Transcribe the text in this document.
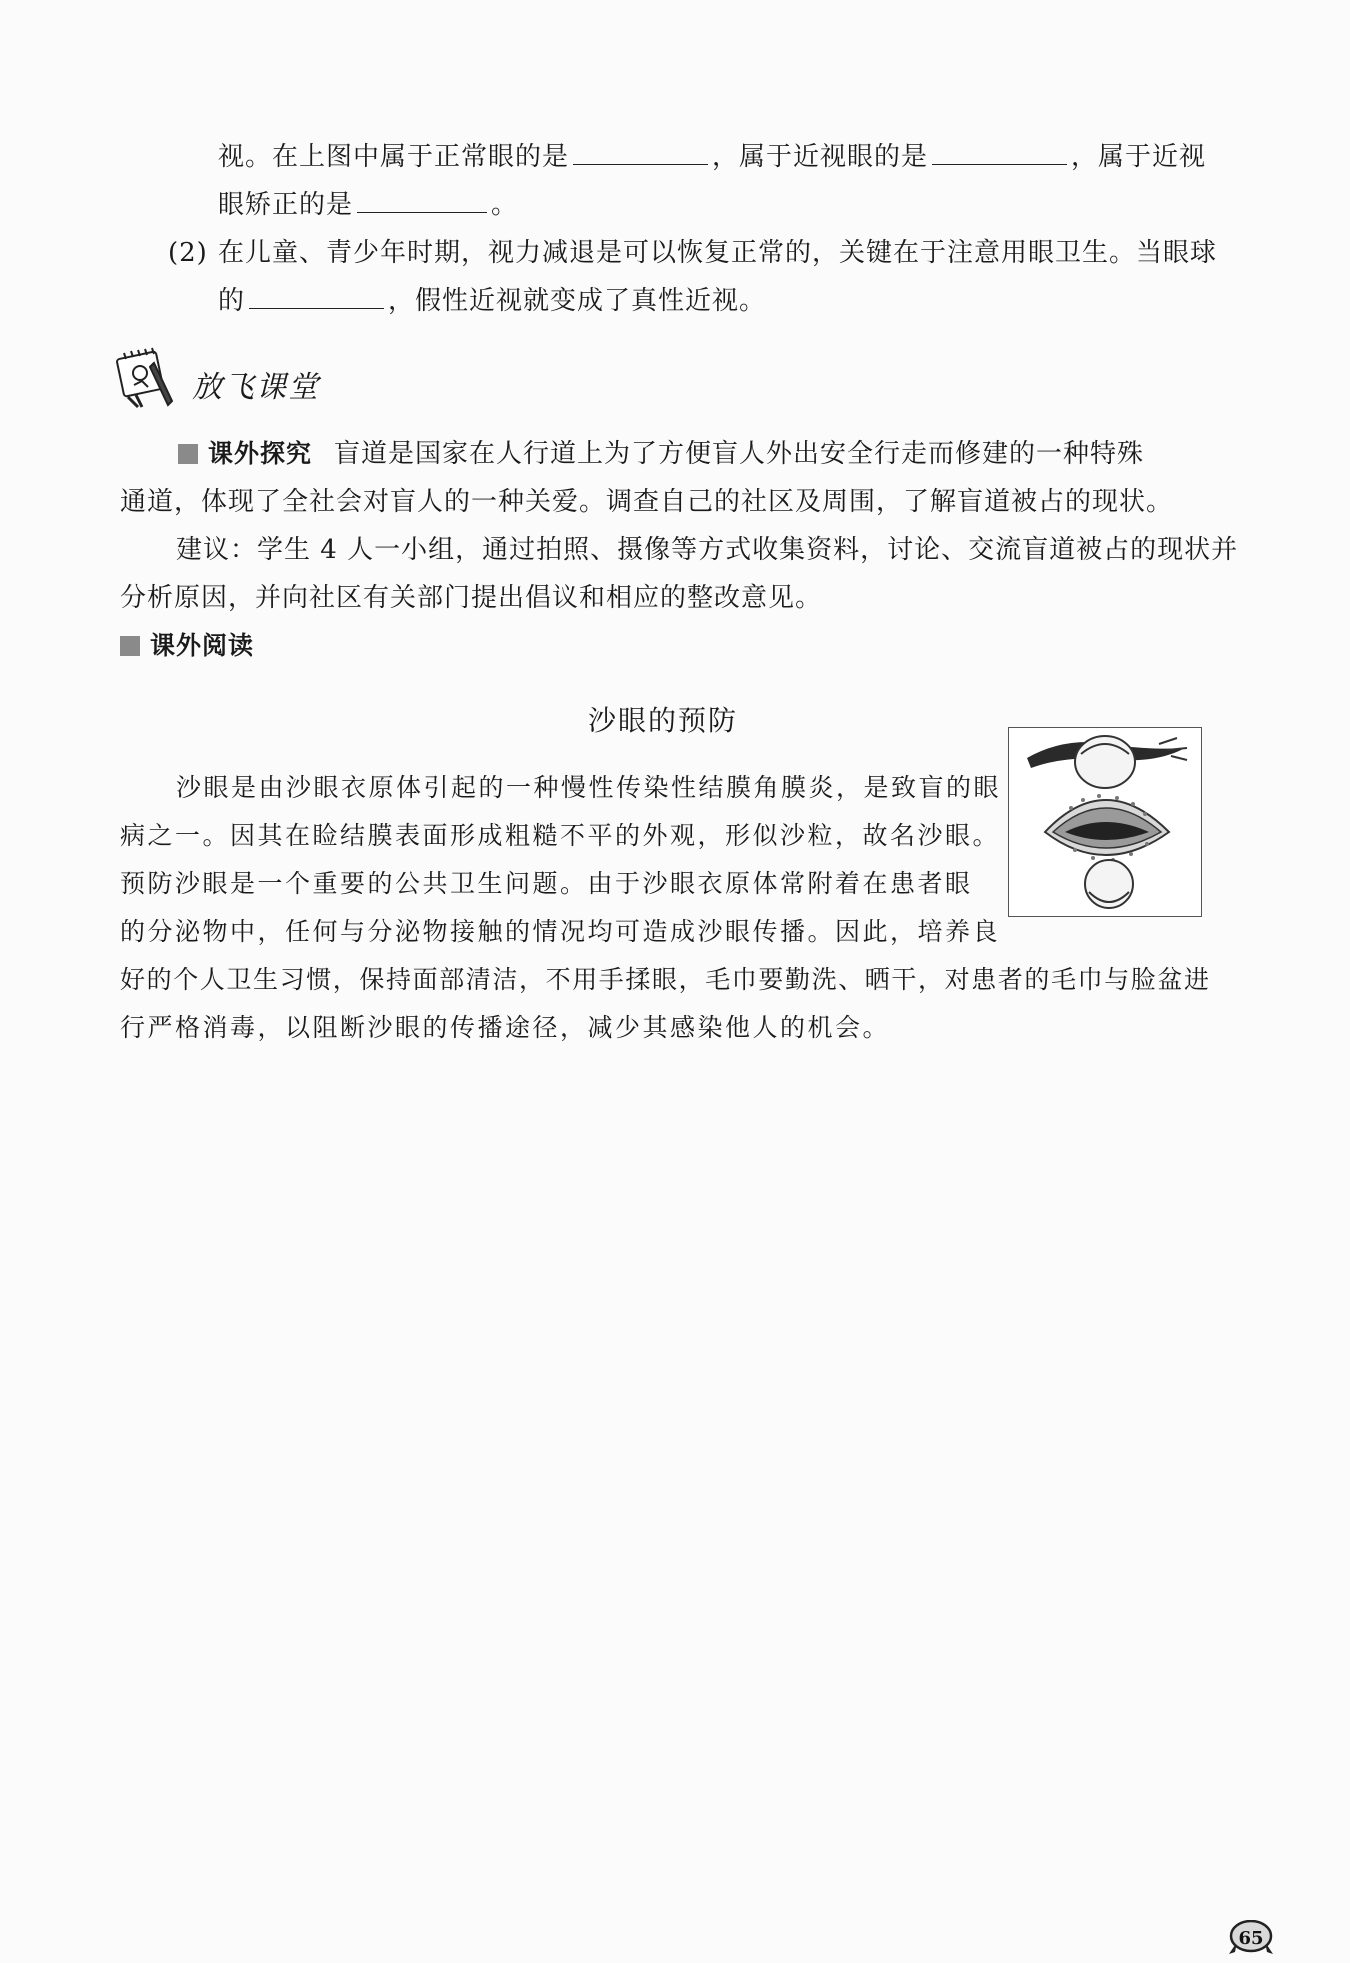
视。在上图中属于正常眼的是	，属于近视眼的是	，属于近视
眼矫正的是	。
(2) 在儿童、青少年时期，视力减退是可以恢复正常的，关键在于注意用眼卫生。当眼球
的	，假性近视就变成了真性近视。
放飞课堂
课外探究 盲道是国家在人行道上为了方便盲人外出安全行走而修建的一种特殊
通道，体现了全社会对盲人的一种关爱。调查自己的社区及周围，了解盲道被占的现状。
建议：学生 4 人一小组，通过拍照、摄像等方式收集资料，讨论、交流盲道被占的现状并
分析原因，并向社区有关部门提出倡议和相应的整改意见。
课外阅读
沙眼的预防
沙眼是由沙眼衣原体引起的一种慢性传染性结膜角膜炎，是致盲的眼
病之一。因其在睑结膜表面形成粗糙不平的外观，形似沙粒，故名沙眼。
预防沙眼是一个重要的公共卫生问题。由于沙眼衣原体常附着在患者眼
的分泌物中，任何与分泌物接触的情况均可造成沙眼传播。因此，培养良
好的个人卫生习惯，保持面部清洁，不用手揉眼，毛巾要勤洗、晒干，对患者的毛巾与脸盆进
行严格消毒，以阻断沙眼的传播途径，减少其感染他人的机会。
65
